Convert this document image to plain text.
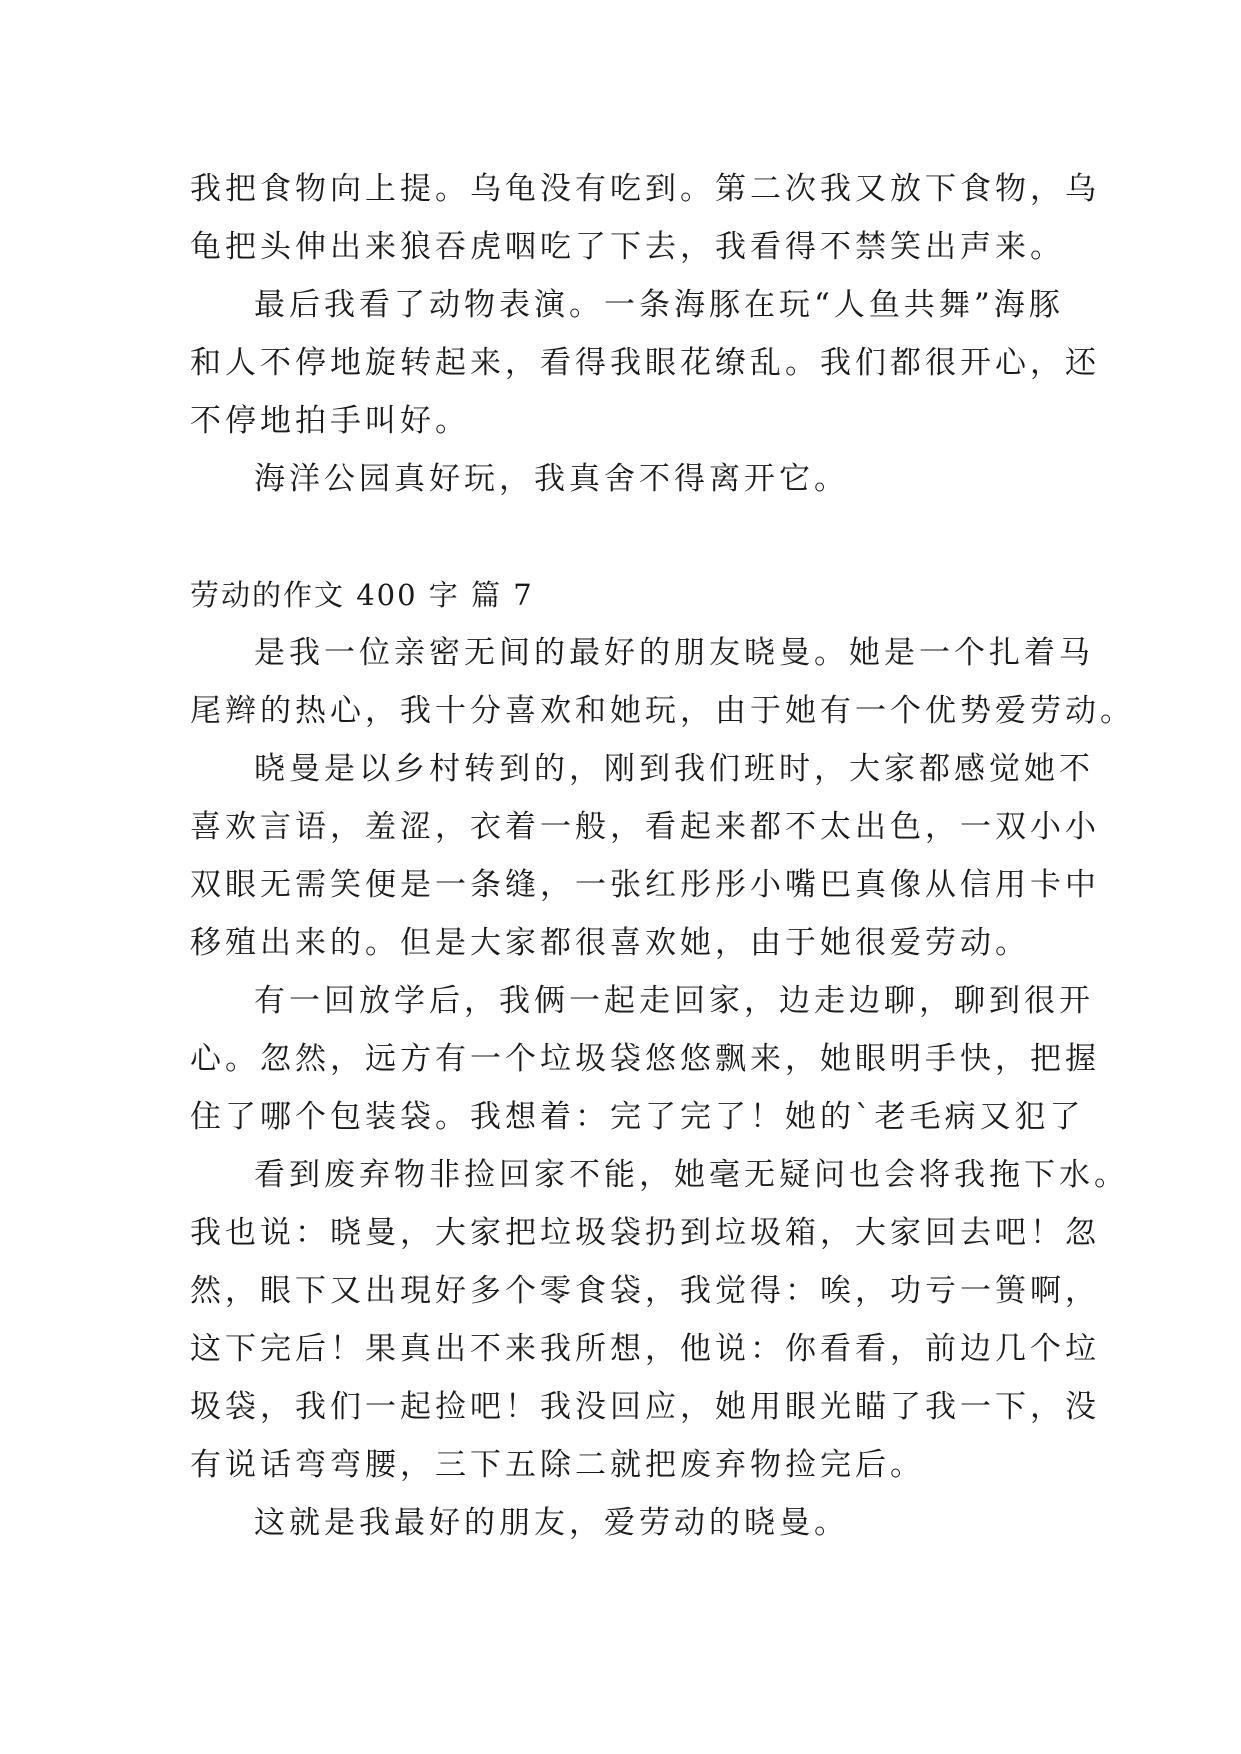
我把食物向上提。乌龟没有吃到。第二次我又放下食物，乌
龟把头伸出来狼吞虎咽吃了下去，我看得不禁笑出声来。
最后我看了动物表演。一条海豚在玩“人鱼共舞”海豚
和人不停地旋转起来，看得我眼花缭乱。我们都很开心，还
不停地拍手叫好。
海洋公园真好玩，我真舍不得离开它。
劳动的作文 400 字 篇 7
是我一位亲密无间的最好的朋友晓曼。她是一个扎着马
尾辫的热心，我十分喜欢和她玩，由于她有一个优势爱劳动。
晓曼是以乡村转到的，刚到我们班时，大家都感觉她不
喜欢言语，羞涩，衣着一般，看起来都不太出色，一双小小
双眼无需笑便是一条缝，一张红彤彤小嘴巴真像从信用卡中
移殖出来的。但是大家都很喜欢她，由于她很爱劳动。
有一回放学后，我俩一起走回家，边走边聊，聊到很开
心。忽然，远方有一个垃圾袋悠悠飘来，她眼明手快，把握
住了哪个包装袋。我想着：完了完了！她的`老毛病又犯了
看到废弃物非捡回家不能，她毫无疑问也会将我拖下水。
我也说：晓曼，大家把垃圾袋扔到垃圾箱，大家回去吧！忽
然，眼下又出現好多个零食袋，我觉得：唉，功亏一篑啊，
这下完后！果真出不来我所想，他说：你看看，前边几个垃
圾袋，我们一起捡吧！我没回应，她用眼光瞄了我一下，没
有说话弯弯腰，三下五除二就把废弃物捡完后。
这就是我最好的朋友，爱劳动的晓曼。
